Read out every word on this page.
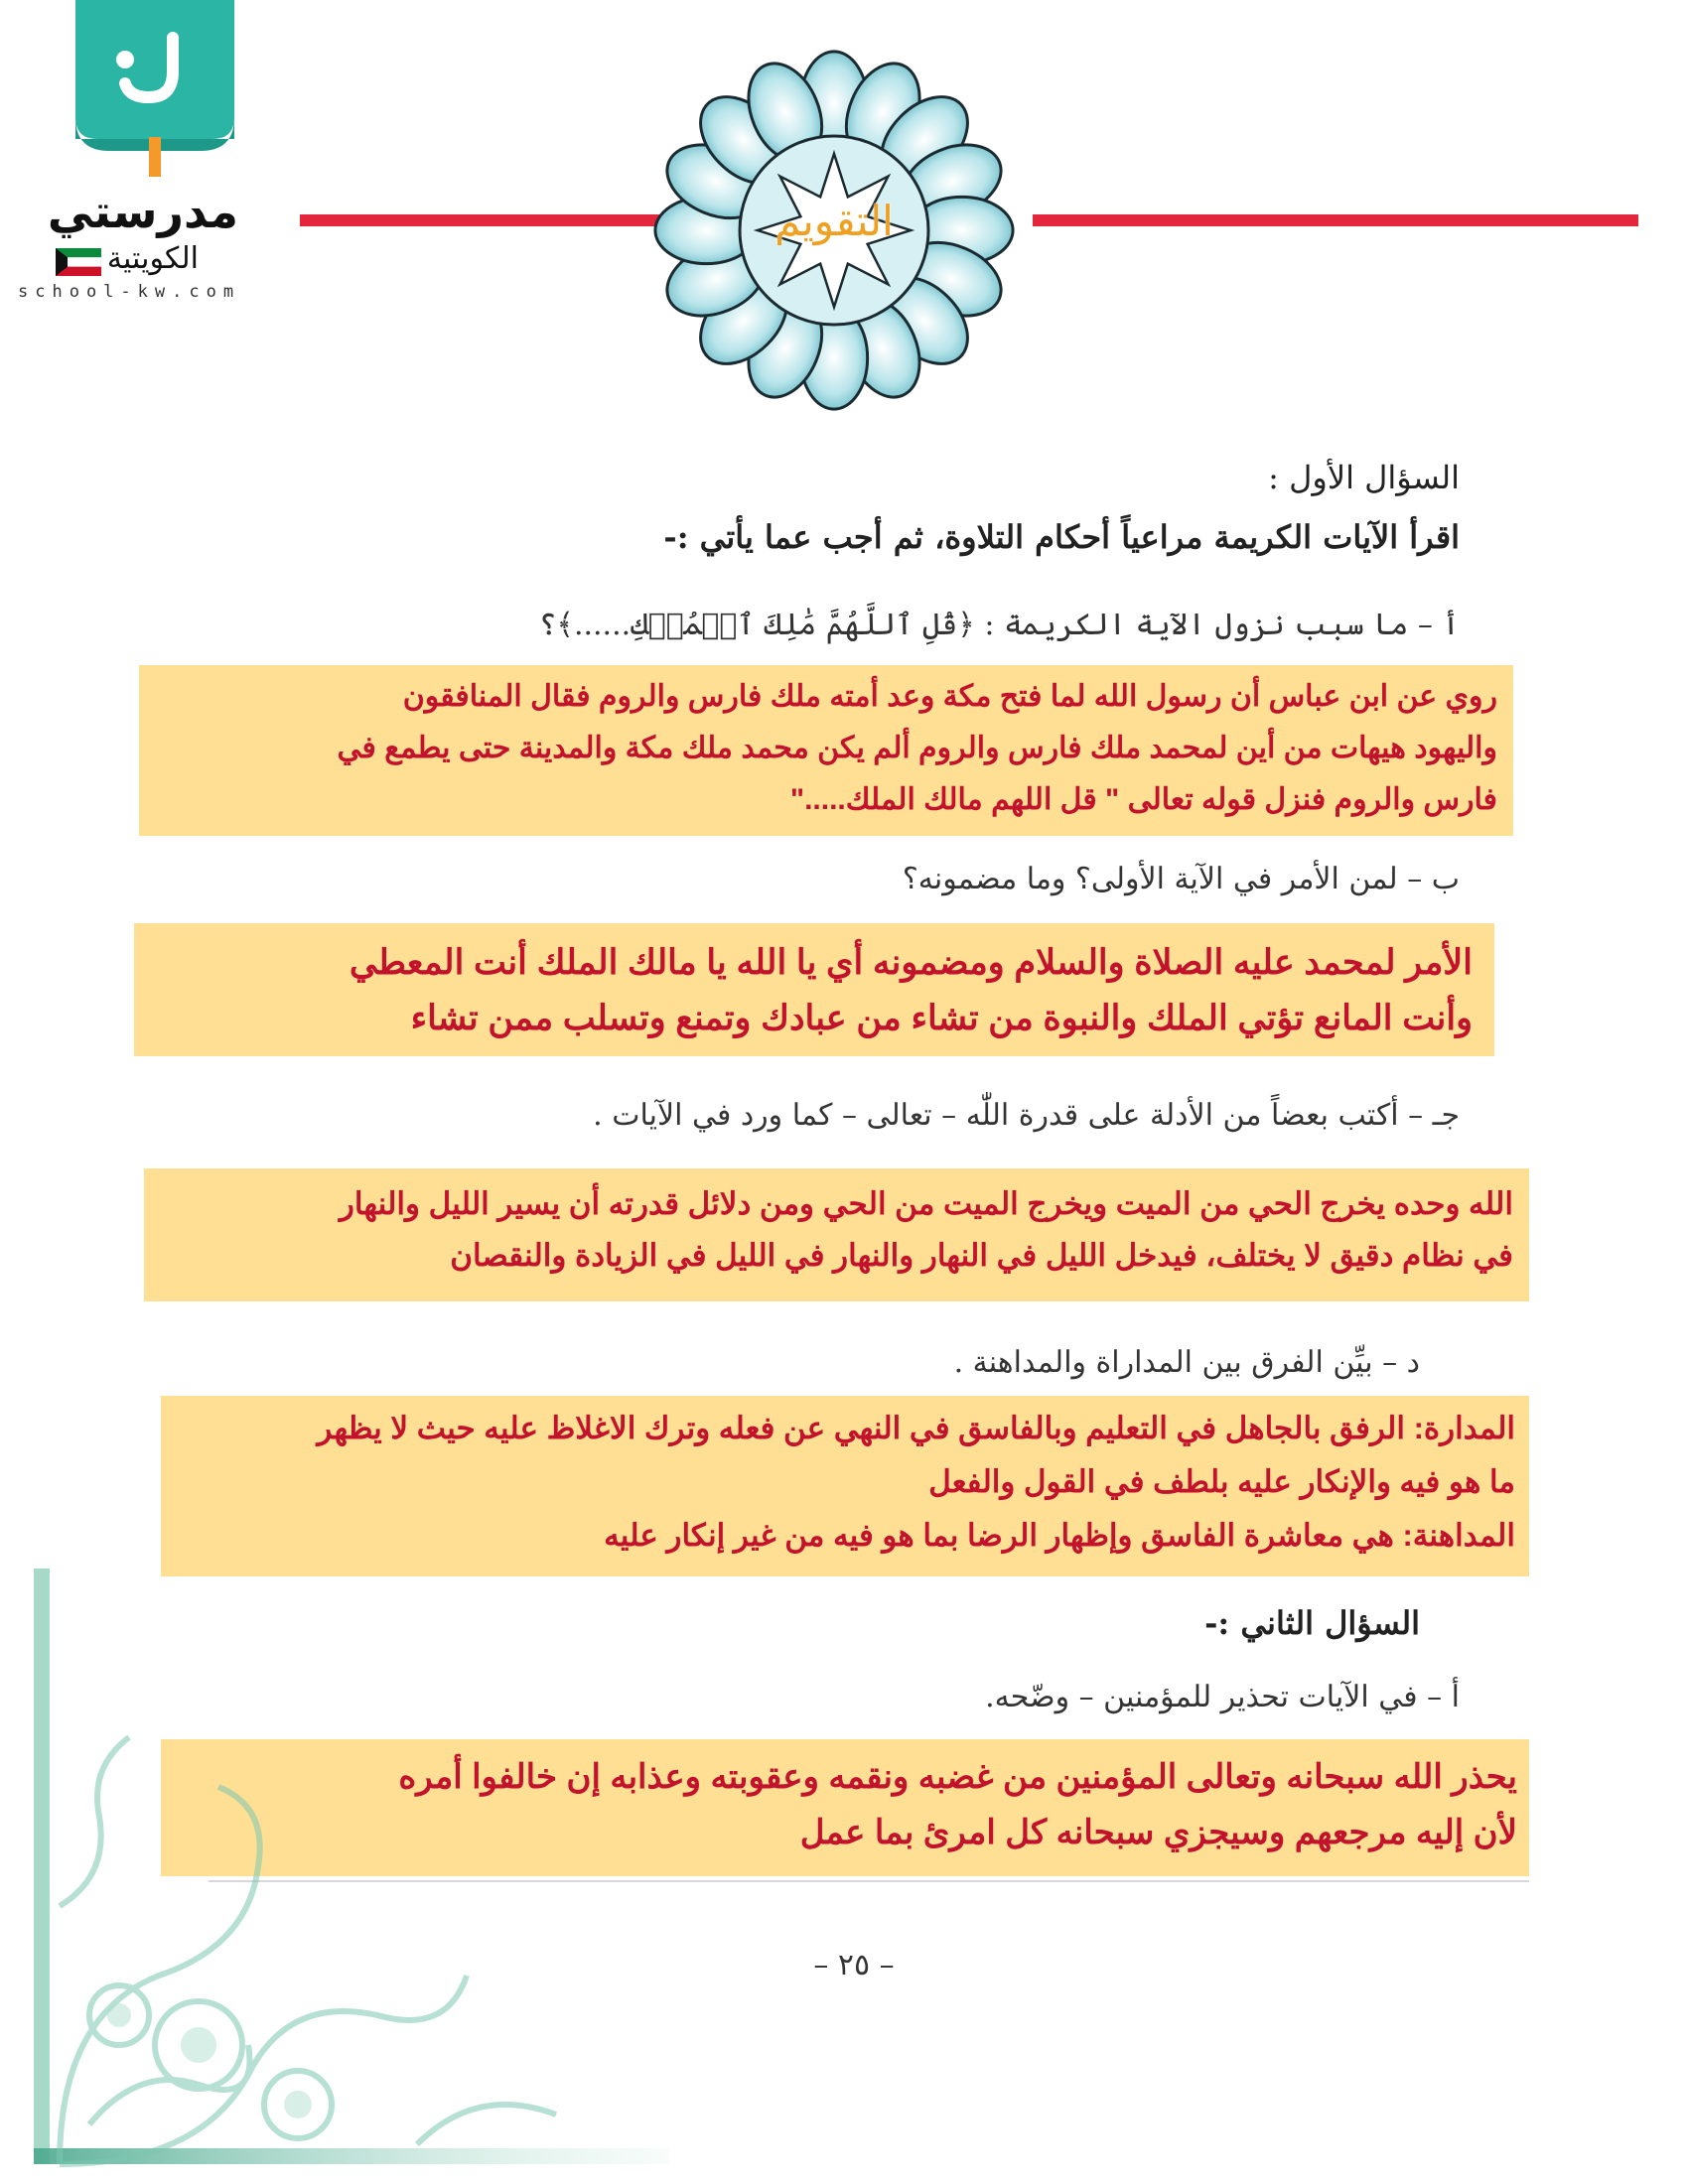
مدرستي
الكويتية
school-kw.com
التقويم
السؤال الأول :
اقرأ الآيات الكريمة مراعياً أحكام التلاوة، ثم أجب عما يأتي :-
أ – ما سبب نزول الآية الكريمة : ﴿قُلِ ٱللَّهُمَّ مَٰلِكَ ٱلۡمُلۡكِ......﴾؟

روي عن ابن عباس أن رسول الله لما فتح مكة وعد أمته ملك فارس والروم فقال المنافقون

واليهود هيهات من أين لمحمد ملك فارس والروم ألم يكن محمد ملك مكة والمدينة حتى يطمع في

فارس والروم فنزل قوله تعالى " قل اللهم مالك الملك....."

ب – لمن الأمر في الآية الأولى؟ وما مضمونه؟

الأمر لمحمد عليه الصلاة والسلام ومضمونه أي يا الله يا مالك الملك أنت المعطي

وأنت المانع تؤتي الملك والنبوة من تشاء من عبادك وتمنع وتسلب ممن تشاء

جـ – أكتب بعضاً من الأدلة على قدرة اللّٰه – تعالى – كما ورد في الآيات .

الله وحده يخرج الحي من الميت ويخرج الميت من الحي ومن دلائل قدرته أن يسير الليل والنهار

في نظام دقيق لا يختلف، فيدخل الليل في النهار والنهار في الليل في الزيادة والنقصان

د – بيِّن الفرق بين المداراة والمداهنة .

المدارة: الرفق بالجاهل في التعليم وبالفاسق في النهي عن فعله وترك الاغلاظ عليه حيث لا يظهر

ما هو فيه والإنكار عليه بلطف في القول والفعل

المداهنة: هي معاشرة الفاسق وإظهار الرضا بما هو فيه من غير إنكار عليه

السؤال الثاني :-
أ – في الآيات تحذير للمؤمنين – وضّحه.

يحذر الله سبحانه وتعالى المؤمنين من غضبه ونقمه وعقوبته وعذابه إن خالفوا أمره

لأن إليه مرجعهم وسيجزي سبحانه كل امرئ بما عمل

– ٢٥ –
